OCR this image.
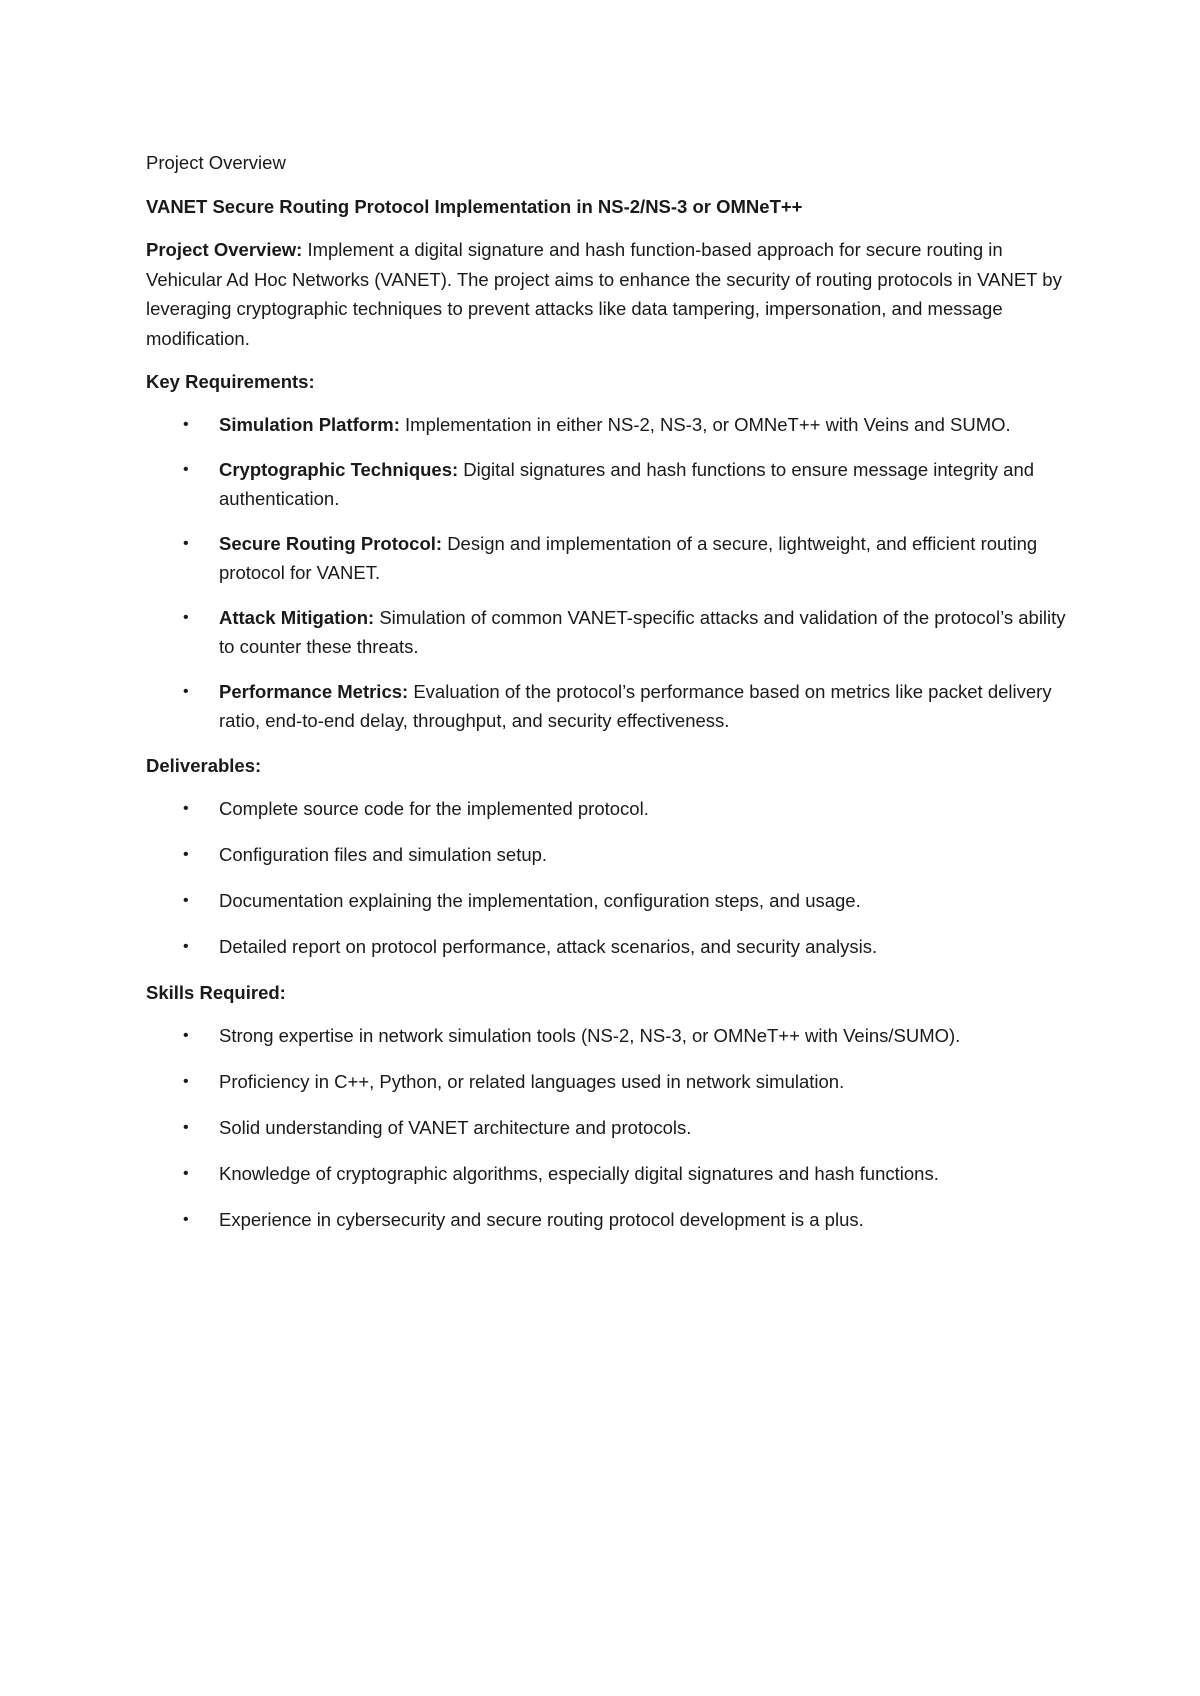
Project Overview
VANET Secure Routing Protocol Implementation in NS-2/NS-3 or OMNeT++

Project Overview: Implement a digital signature and hash function-based approach for secure routing in Vehicular Ad Hoc Networks (VANET). The project aims to enhance the security of routing protocols in VANET by leveraging cryptographic techniques to prevent attacks like data tampering, impersonation, and message modification.

Key Requirements:
• Simulation Platform: Implementation in either NS-2, NS-3, or OMNeT++ with Veins and SUMO.
• Cryptographic Techniques: Digital signatures and hash functions to ensure message integrity and authentication.
• Secure Routing Protocol: Design and implementation of a secure, lightweight, and efficient routing protocol for VANET.
• Attack Mitigation: Simulation of common VANET-specific attacks and validation of the protocol’s ability to counter these threats.
• Performance Metrics: Evaluation of the protocol’s performance based on metrics like packet delivery ratio, end-to-end delay, throughput, and security effectiveness.
Deliverables:
• Complete source code for the implemented protocol.
• Configuration files and simulation setup.
• Documentation explaining the implementation, configuration steps, and usage.
• Detailed report on protocol performance, attack scenarios, and security analysis.
Skills Required:
• Strong expertise in network simulation tools (NS-2, NS-3, or OMNeT++ with Veins/SUMO).
• Proficiency in C++, Python, or related languages used in network simulation.
• Solid understanding of VANET architecture and protocols.
• Knowledge of cryptographic algorithms, especially digital signatures and hash functions.
• Experience in cybersecurity and secure routing protocol development is a plus.
